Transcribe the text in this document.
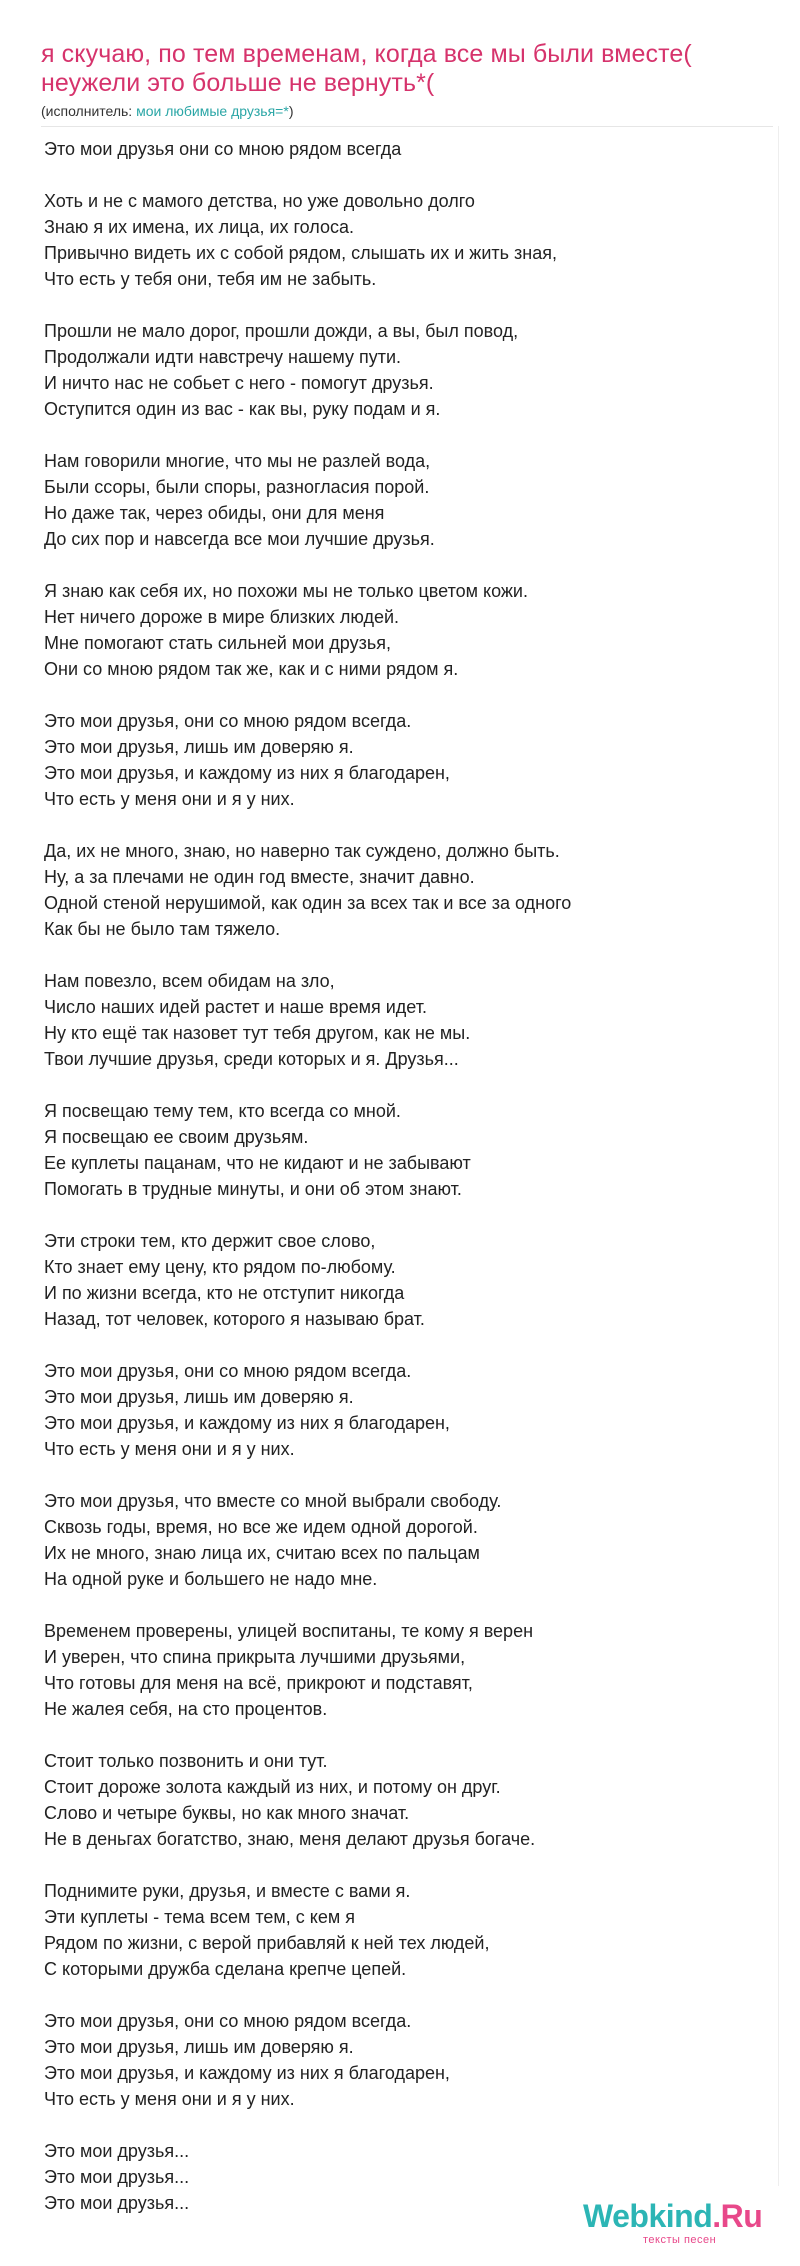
я скучаю, по тем временам, когда все мы были вместе( неужели это больше не вернуть*(
(исполнитель: мои любимые друзья=*)
Это мои друзья они со мною рядом всегда
Хоть и не с мамого детства, но уже довольно долго
Знаю я их имена, их лица, их голоса.
Привычно видеть их с собой рядом, слышать их и жить зная,
Что есть у тебя они, тебя им не забыть.
Прошли не мало дорог, прошли дожди, а вы, был повод,
Продолжали идти навстречу нашему пути.
И ничто нас не собьет с него - помогут друзья.
Оступится один из вас - как вы, руку подам и я.
Нам говорили многие, что мы не разлей вода,
Были ссоры, были споры, разногласия порой.
Но даже так, через обиды, они для меня
До сих пор и навсегда все мои лучшие друзья.
Я знаю как себя их, но похожи мы не только цветом кожи.
Нет ничего дороже в мире близких людей.
Мне помогают стать сильней мои друзья,
Они со мною рядом так же, как и с ними рядом я.
Это мои друзья, они со мною рядом всегда.
Это мои друзья, лишь им доверяю я.
Это мои друзья, и каждому из них я благодарен,
Что есть у меня они и я у них.
Да, их не много, знаю, но наверно так суждено, должно быть.
Ну, а за плечами не один год вместе, значит давно.
Одной стеной нерушимой, как один за всех так и все за одного
Как бы не было там тяжело.
Нам повезло, всем обидам на зло,
Число наших идей растет и наше время идет.
Ну кто ещё так назовет тут тебя другом, как не мы.
Твои лучшие друзья, среди которых и я. Друзья...
Я посвещаю тему тем, кто всегда со мной.
Я посвещаю ее своим друзьям.
Ее куплеты пацанам, что не кидают и не забывают
Помогать в трудные минуты, и они об этом знают.
Эти строки тем, кто держит свое слово,
Кто знает ему цену, кто рядом по-любому.
И по жизни всегда, кто не отступит никогда
Назад, тот человек, которого я называю брат.
Это мои друзья, они со мною рядом всегда.
Это мои друзья, лишь им доверяю я.
Это мои друзья, и каждому из них я благодарен,
Что есть у меня они и я у них.
Это мои друзья, что вместе со мной выбрали свободу.
Сквозь годы, время, но все же идем одной дорогой.
Их не много, знаю лица их, считаю всех по пальцам
На одной руке и большего не надо мне.
Временем проверены, улицей воспитаны, те кому я верен
И уверен, что спина прикрыта лучшими друзьями,
Что готовы для меня на всё, прикроют и подставят,
Не жалея себя, на сто процентов.
Стоит только позвонить и они тут.
Стоит дороже золота каждый из них, и потому он друг.
Слово и четыре буквы, но как много значат.
Не в деньгах богатство, знаю, меня делают друзья богаче.
Поднимите руки, друзья, и вместе с вами я.
Эти куплеты - тема всем тем, с кем я
Рядом по жизни, с верой прибавляй к ней тех людей,
С которыми дружба сделана крепче цепей.
Это мои друзья, они со мною рядом всегда.
Это мои друзья, лишь им доверяю я.
Это мои друзья, и каждому из них я благодарен,
Что есть у меня они и я у них.
Это мои друзья...
Это мои друзья...
Это мои друзья...	Webkind.Ru
тексты песен
